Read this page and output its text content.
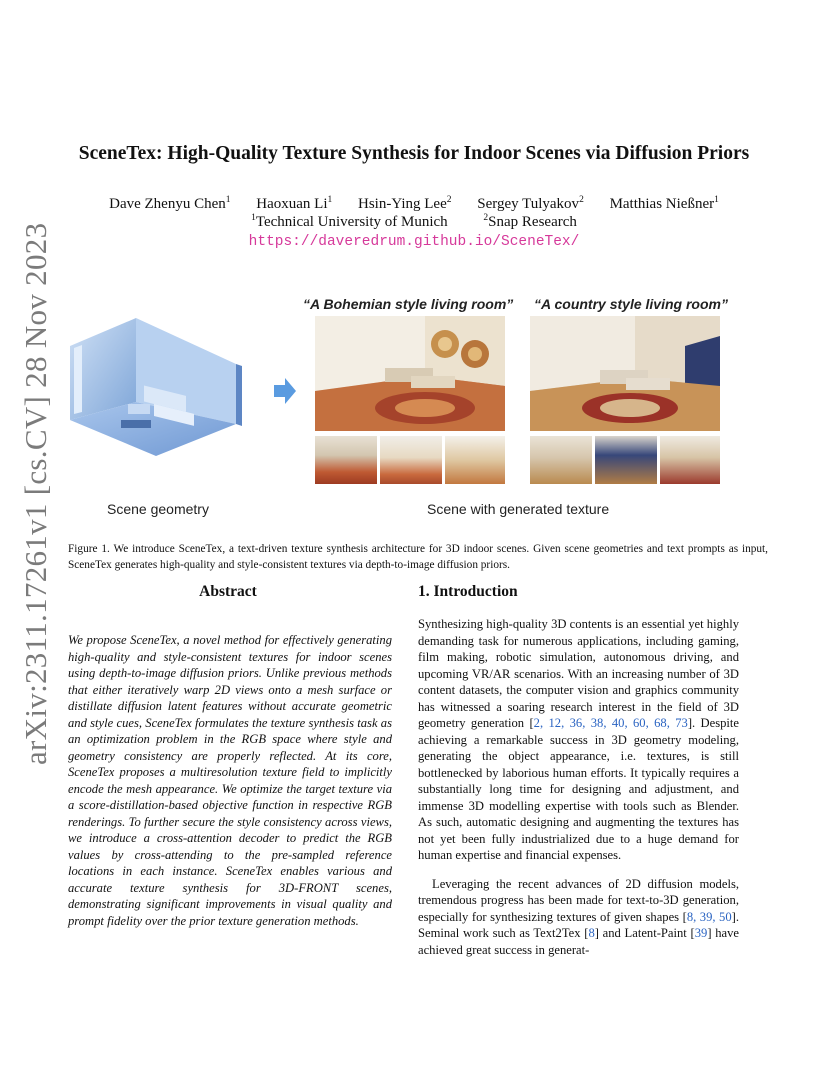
arXiv:2311.17261v1 [cs.CV] 28 Nov 2023
SceneTex: High-Quality Texture Synthesis for Indoor Scenes via Diffusion Priors
Dave Zhenyu Chen$^1$ Haoxuan Li$^1$ Hsin-Ying Lee$^2$ Sergey Tulyakov$^2$ Matthias Nießner$^1$
$^1$Technical University of Munich	$^2$Snap Research
https://daveredrum.github.io/SceneTex/
“A Bohemian style living room” “A country style living room”
Scene geometry	Scene with generated texture
Figure 1. We introduce SceneTex, a text-driven texture synthesis architecture for 3D indoor scenes. Given scene geometries and text prompts as input, SceneTex generates high-quality and style-consistent textures via depth-to-image diffusion priors.
Abstract
We propose SceneTex, a novel method for effectively generating high-quality and style-consistent textures for indoor scenes using depth-to-image diffusion priors. Unlike previous methods that either iteratively warp 2D views onto a mesh surface or distillate diffusion latent features without accurate geometric and style cues, SceneTex formulates the texture synthesis task as an optimization problem in the RGB space where style and geometry consistency are properly reflected. At its core, SceneTex proposes a multiresolution texture field to implicitly encode the mesh appearance. We optimize the target texture via a score-distillation-based objective function in respective RGB renderings. To further secure the style consistency across views, we introduce a cross-attention decoder to predict the RGB values by cross-attending to the pre-sampled reference locations in each instance. SceneTex enables various and accurate texture synthesis for 3D-FRONT scenes, demonstrating significant improvements in visual quality and prompt fidelity over the prior texture generation methods.
1. Introduction

Synthesizing high-quality 3D contents is an essential yet highly demanding task for numerous applications, including gaming, film making, robotic simulation, autonomous driving, and upcoming VR/AR scenarios. With an increasing number of 3D content datasets, the computer vision and graphics community has witnessed a soaring research interest in the field of 3D geometry generation [2, 12, 36, 38, 40, 60, 68, 73]. Despite achieving a remarkable success in 3D geometry modeling, generating the object appearance, i.e. textures, is still bottlenecked by laborious human efforts. It typically requires a substantially long time for designing and adjustment, and immense 3D modelling expertise with tools such as Blender. As such, automatic designing and augmenting the textures has not yet been fully industrialized due to a huge demand for human expertise and financial expenses.

Leveraging the recent advances of 2D diffusion models, tremendous progress has been made for text-to-3D generation, especially for synthesizing textures of given shapes [8, 39, 50]. Seminal work such as Text2Tex [8] and Latent-Paint [39] have achieved great success in generat-
